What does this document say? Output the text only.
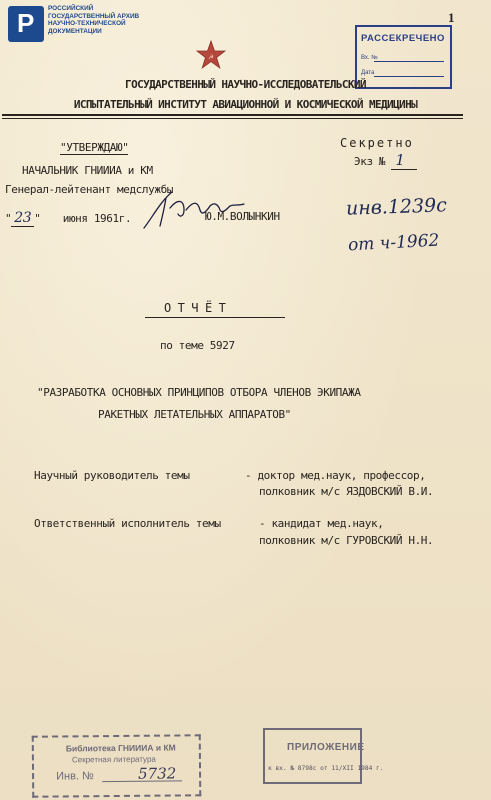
P РОССИЙСКИЙ
ГОСУДАРСТВЕННЫЙ АРХИВ
НАУЧНО-ТЕХНИЧЕСКОЙ
ДОКУМЕНТАЦИИ
1
☭
РАССЕКРЕЧЕНО
Вх. №
Дата
ГОСУДАРСТВЕННЫЙ НАУЧНО-ИССЛЕДОВАТЕЛЬСКИЙ
ИСПЫТАТЕЛЬНЫЙ ИНСТИТУТ АВИАЦИОННОЙ И КОСМИЧЕСКОЙ МЕДИЦИНЫ
"УТВЕРЖДАЮ"
НАЧАЛЬНИК ГНИИИА и КМ
Генерал-лейтенант медслужбы
" 23 " июня 1961г.	Ю.М.ВОЛЫНКИН
Секретно
Экз № 1
инв.1239с
от ч-1962
О Т Ч Ё Т
по теме 5927
"РАЗРАБОТКА ОСНОВНЫХ ПРИНЦИПОВ ОТБОРА ЧЛЕНОВ ЭКИПАЖА
РАКЕТНЫХ ЛЕТАТЕЛЬНЫХ АППАРАТОВ"
Научный руководитель темы	- доктор мед.наук, профессор,
полковник м/с ЯЗДОВСКИЙ В.И.
Ответственный исполнитель темы	- кандидат мед.наук,
полковник м/с ГУРОВСКИЙ Н.Н.
Библиотека ГНИИИА и КМ
Секретная литература
Инв. №	5732
ПРИЛОЖЕНИЕ
к вх. № 8798с от 11/XII 1984 г.
